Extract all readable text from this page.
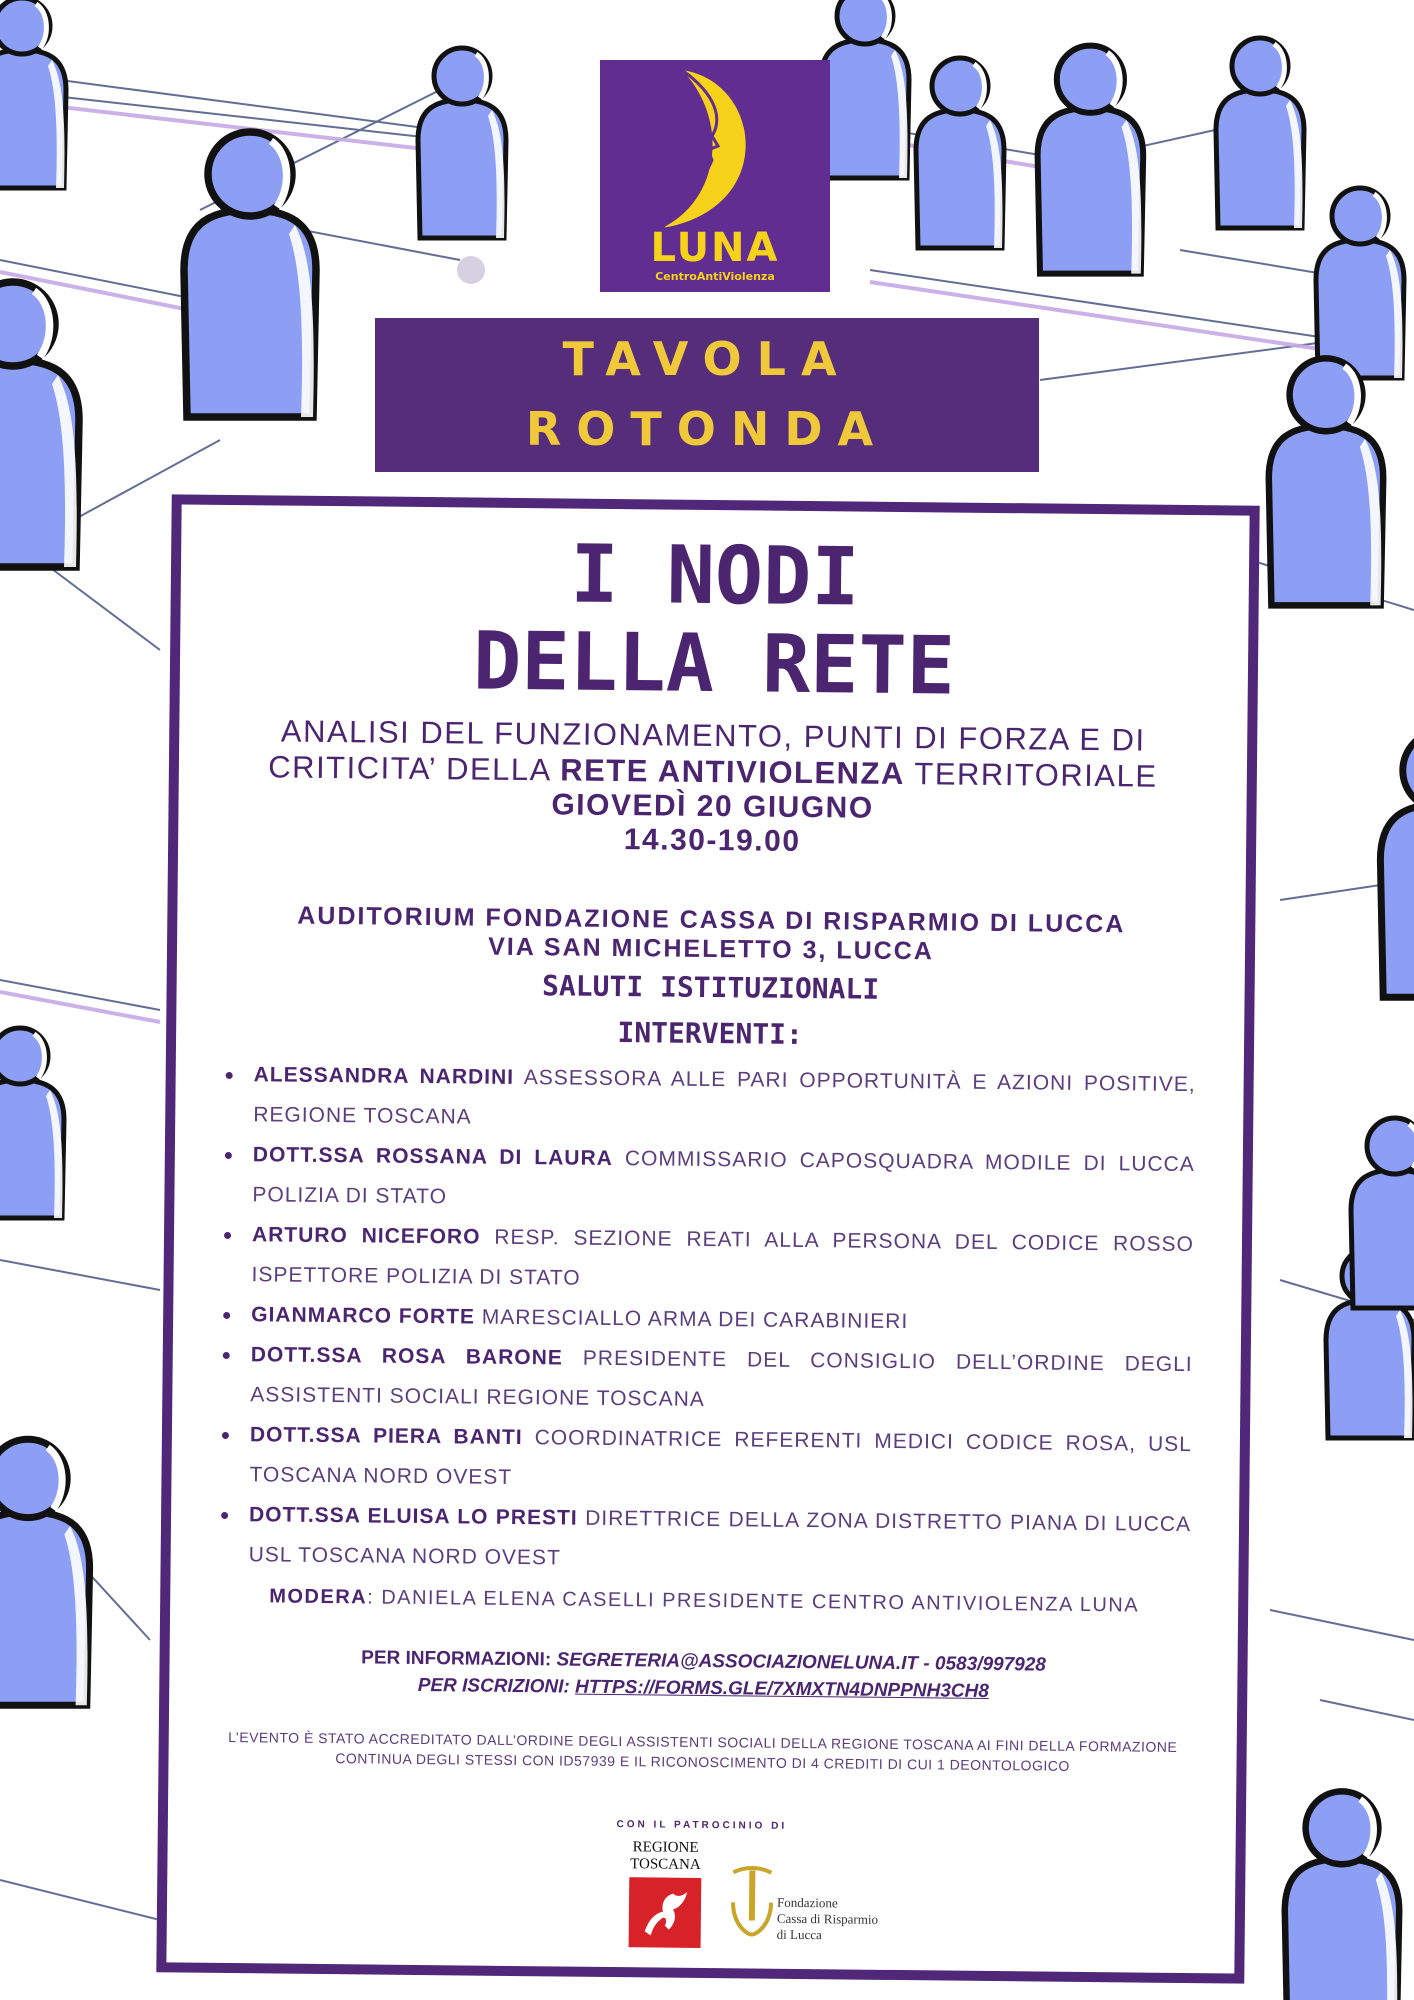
LUNA
CentroAntiViolenza
TAVOLA
ROTONDA
I NODI
DELLA RETE
ANALISI DEL FUNZIONAMENTO, PUNTI DI FORZA E DI
CRITICITA’ DELLA RETE ANTIVIOLENZA TERRITORIALE
GIOVEDÌ 20 GIUGNO
14.30-19.00
AUDITORIUM FONDAZIONE CASSA DI RISPARMIO DI LUCCA
VIA SAN MICHELETTO 3, LUCCA
SALUTI ISTITUZIONALI
INTERVENTI:
ALESSANDRA NARDINI ASSESSORA ALLE PARI OPPORTUNITÀ E AZIONI POSITIVE, REGIONE TOSCANA
DOTT.SSA ROSSANA DI LAURA COMMISSARIO CAPOSQUADRA MODILE DI LUCCA POLIZIA DI STATO
ARTURO NICEFORO RESP. SEZIONE REATI ALLA PERSONA DEL CODICE ROSSO ISPETTORE POLIZIA DI STATO
GIANMARCO FORTE MARESCIALLO ARMA DEI CARABINIERI
DOTT.SSA ROSA BARONE PRESIDENTE DEL CONSIGLIO DELL’ORDINE DEGLI ASSISTENTI SOCIALI REGIONE TOSCANA
DOTT.SSA PIERA BANTI COORDINATRICE REFERENTI MEDICI CODICE ROSA, USL TOSCANA NORD OVEST
DOTT.SSA ELUISA LO PRESTI DIRETTRICE DELLA ZONA DISTRETTO PIANA DI LUCCA USL TOSCANA NORD OVEST
MODERA: DANIELA ELENA CASELLI PRESIDENTE CENTRO ANTIVIOLENZA LUNA
PER INFORMAZIONI: SEGRETERIA@ASSOCIAZIONELUNA.IT - 0583/997928
PER ISCRIZIONI: HTTPS://FORMS.GLE/7XMXTN4DNPPNH3CH8
L’EVENTO È STATO ACCREDITATO DALL’ORDINE DEGLI ASSISTENTI SOCIALI DELLA REGIONE TOSCANA AI FINI DELLA FORMAZIONE
CONTINUA DEGLI STESSI CON ID57939 E IL RICONOSCIMENTO DI 4 CREDITI DI CUI 1 DEONTOLOGICO
CON IL PATROCINIO DI
REGIONE
TOSCANA
Fondazione
Cassa di Risparmio
di Lucca
